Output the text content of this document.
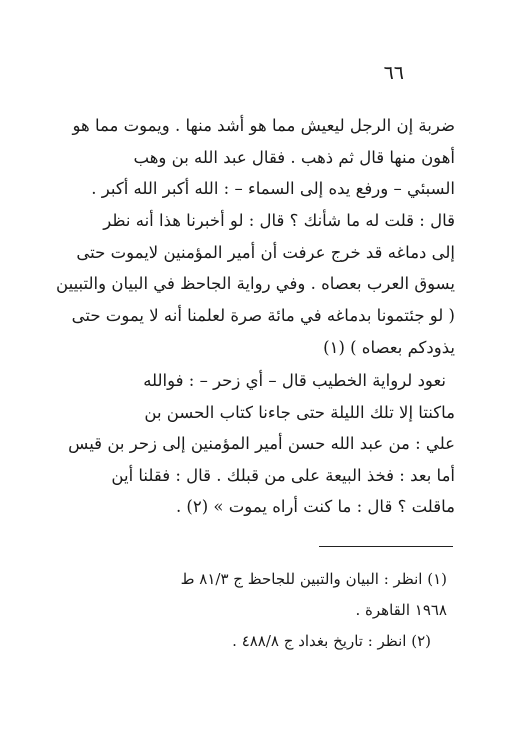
٦٦
ضربة إن الرجل ليعيش مما هو أشد منها . ويموت مما هو
أهون منها قال ثم ذهب . فقال عبد الله بن وهب
السبئي – ورفع يده إلى السماء – : الله أكبر الله أكبر .
قال : قلت له ما شأنك ؟ قال : لو أخبرنا هذا أنه نظر
إلى دماغه قد خرج عرفت أن أمير المؤمنين لايموت حتى
يسوق العرب بعصاه . وفي رواية الجاحظ في البيان والتبيين
( لو جئتمونا بدماغه في مائة صرة لعلمنا أنه لا يموت حتى
يذودكم بعصاه ) (١)
نعود لرواية الخطيب قال – أي زحر – : فوالله
ماكنتا إلا تلك الليلة حتى جاءنا كتاب الحسن بن
علي : من عبد الله حسن أمير المؤمنين إلى زحر بن قيس
أما بعد : فخذ البيعة على من قبلك . قال : فقلنا أين
ماقلت ؟ قال : ما كنت أراه يموت » (٢) .
(١) انظر : البيان والتبين للجاحظ ج ٨١/٣ ط
١٩٦٨ القاهرة .
(٢) انظر : تاريخ بغداد ج ٤٨٨/٨ .
